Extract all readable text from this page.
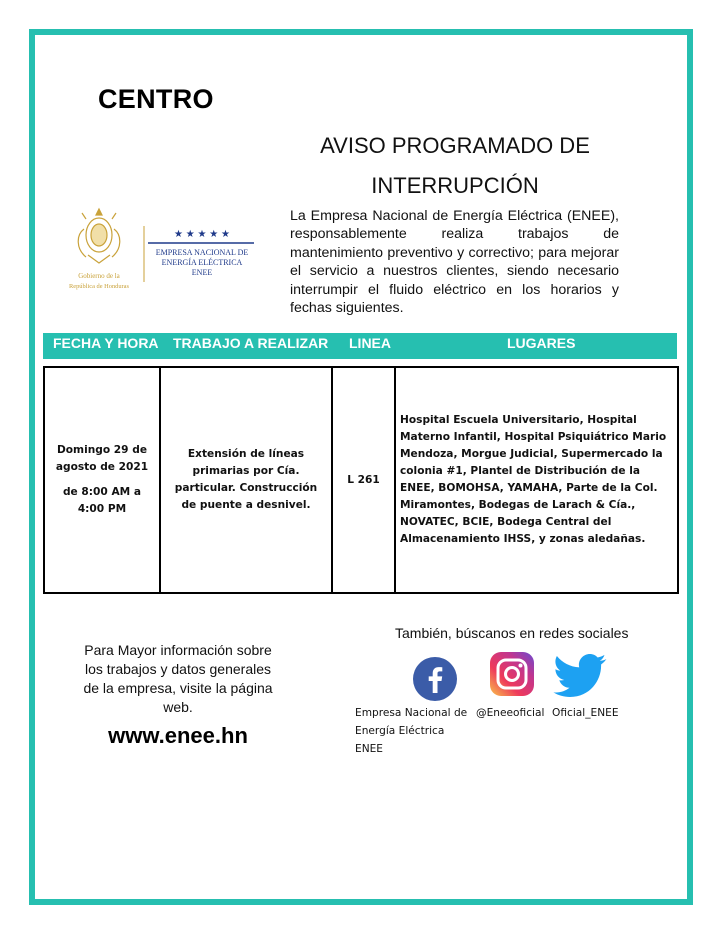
CENTRO
AVISO PROGRAMADO DE
INTERRUPCIÓN
La Empresa Nacional de Energía Eléctrica (ENEE), responsablemente realiza trabajos de mantenimiento preventivo y correctivo; para mejorar el servicio a nuestros clientes, siendo necesario interrumpir el fluido eléctrico en los horarios y fechas siguientes.
Gobierno de la
República de Honduras
★ ★ ★ ★ ★
EMPRESA NACIONAL DE
ENERGÍA ELÉCTRICA
ENEE
FECHA Y HORA TRABAJO A REALIZAR LINEA	LUGARES
Domingo 29 de agosto de 2021
de 8:00 AM a 4:00 PM
Extensión de líneas primarias por Cía. particular. Construcción de puente a desnivel.
L 261
Hospital Escuela Universitario, Hospital Materno Infantil, Hospital Psiquiátrico Mario Mendoza, Morgue Judicial, Supermercado la colonia #1, Plantel de Distribución de la ENEE, BOMOHSA, YAMAHA, Parte de la Col. Miramontes, Bodegas de Larach & Cía., NOVATEC, BCIE, Bodega Central del Almacenamiento IHSS, y zonas aledañas.
Para Mayor información sobre los trabajos y datos generales de la empresa, visite la página web.
www.enee.hn
También, búscanos en redes sociales
Empresa Nacional de Energía Eléctrica ENEE
@Eneeoficial Oficial_ENEE
